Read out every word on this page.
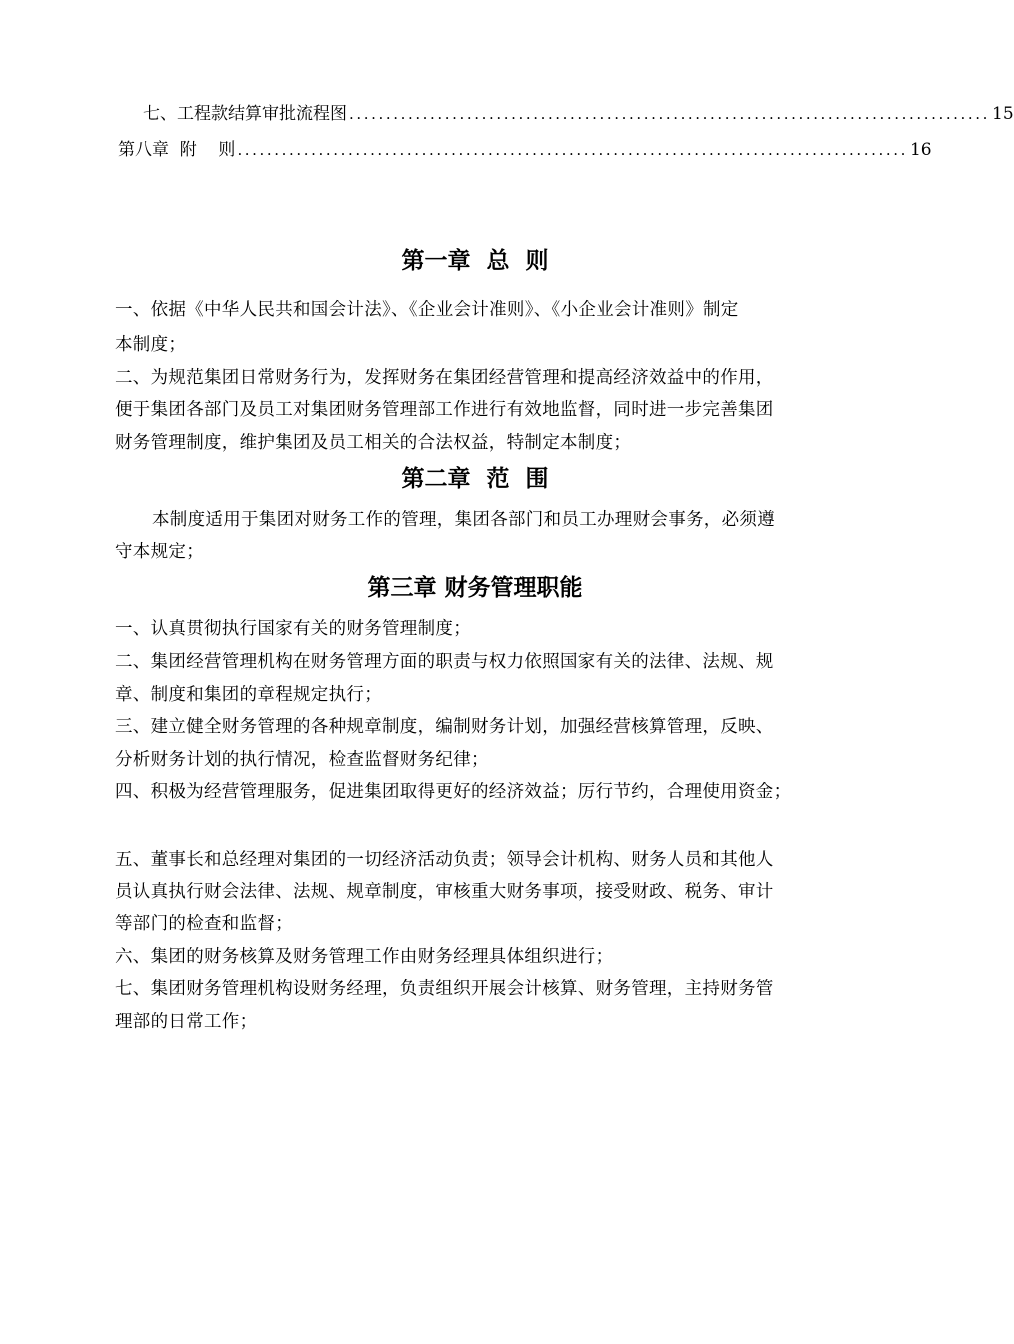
七、工程款结算审批流程图 ....................................................................................... 15
第八章  附    则 ........................................................................................... 16
第一章  总  则
一、依据《中华人民共和国会计法》、《企业会计准则》、《小企业会计准则》制定
本制度；
二、为规范集团日常财务行为，发挥财务在集团经营管理和提高经济效益中的作用，
便于集团各部门及员工对集团财务管理部工作进行有效地监督，同时进一步完善集团
财务管理制度，维护集团及员工相关的合法权益，特制定本制度；
第二章  范  围
本制度适用于集团对财务工作的管理，集团各部门和员工办理财会事务，必须遵
守本规定；
第三章 财务管理职能
一、认真贯彻执行国家有关的财务管理制度；
二、集团经营管理机构在财务管理方面的职责与权力依照国家有关的法律、法规、规
章、制度和集团的章程规定执行；
三、建立健全财务管理的各种规章制度，编制财务计划，加强经营核算管理，反映、
分析财务计划的执行情况，检查监督财务纪律；
四、积极为经营管理服务，促进集团取得更好的经济效益；厉行节约，合理使用资金；
五、董事长和总经理对集团的一切经济活动负责；领导会计机构、财务人员和其他人
员认真执行财会法律、法规、规章制度，审核重大财务事项，接受财政、税务、审计
等部门的检查和监督；
六、集团的财务核算及财务管理工作由财务经理具体组织进行；
七、集团财务管理机构设财务经理，负责组织开展会计核算、财务管理，主持财务管
理部的日常工作；
